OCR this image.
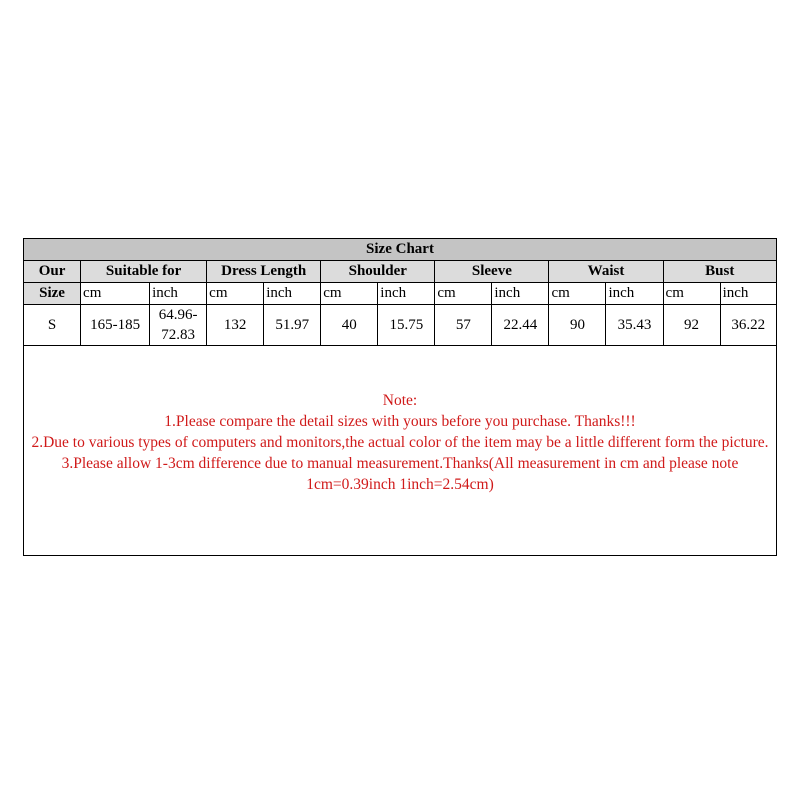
Size Chart												
Our	Suitable for		Dress Length		Shoulder		Sleeve		Waist		Bust	
Size	cm	inch	cm	inch	cm	inch	cm	inch	cm	inch	cm	inch
S	165-185	64.96-72.83	132	51.97	40	15.75	57	22.44	90	35.43	92	36.22
Note:
1.Please compare the detail sizes with yours before you purchase. Thanks!!!
2.Due to various types of computers and monitors,the actual color of the item may be a little different form the picture.
3.Please allow 1-3cm difference due to manual measurement.Thanks(All measurement in cm and please note 1cm=0.39inch 1inch=2.54cm)
